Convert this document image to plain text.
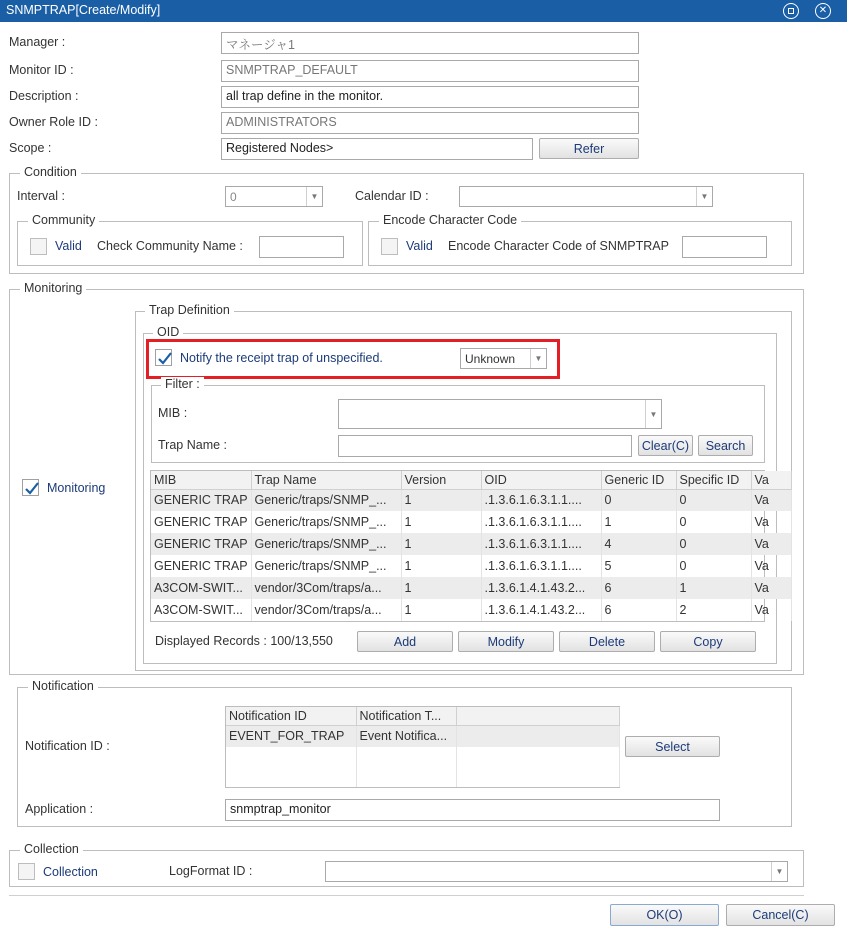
SNMPTRAP[Create/Modify]	✕
Manager :	マネージャ1
Monitor ID :	SNMPTRAP_DEFAULT
Description :	all trap define in the monitor.
Owner Role ID :	ADMINISTRATORS
Scope :	Registered Nodes>	Refer
Condition
Interval :	0	▼	Calendar ID :	▼
Community
Valid Check Community Name :
Encode Character Code
Valid Encode Character Code of SNMPTRAP
Monitoring
Monitoring
Trap Definition
OID
Notify the receipt trap of unspecified.	Unknown	▼
Filter :
MIB :	▼
Trap Name :	Clear(C)	Search
MIB	Trap Name	Version	OID	Generic ID	Specific ID	Va
GENERIC TRAP	Generic/traps/SNMP_...	1	.1.3.6.1.6.3.1.1....	0	0	Va
GENERIC TRAP	Generic/traps/SNMP_...	1	.1.3.6.1.6.3.1.1....	1	0	Va
GENERIC TRAP	Generic/traps/SNMP_...	1	.1.3.6.1.6.3.1.1....	4	0	Va
GENERIC TRAP	Generic/traps/SNMP_...	1	.1.3.6.1.6.3.1.1....	5	0	Va
A3COM-SWIT...	vendor/3Com/traps/a...	1	.1.3.6.1.4.1.43.2...	6	1	Va
A3COM-SWIT...	vendor/3Com/traps/a...	1	.1.3.6.1.4.1.43.2...	6	2	Va
Displayed Records : 100/13,550	Add	Modify	Delete	Copy
Notification
Notification ID :
Notification ID	Notification T...	
EVENT_FOR_TRAP	Event Notifica...	

Select
Application :	snmptrap_monitor
Collection
Collection	LogFormat ID :	▼
OK(O)	Cancel(C)
